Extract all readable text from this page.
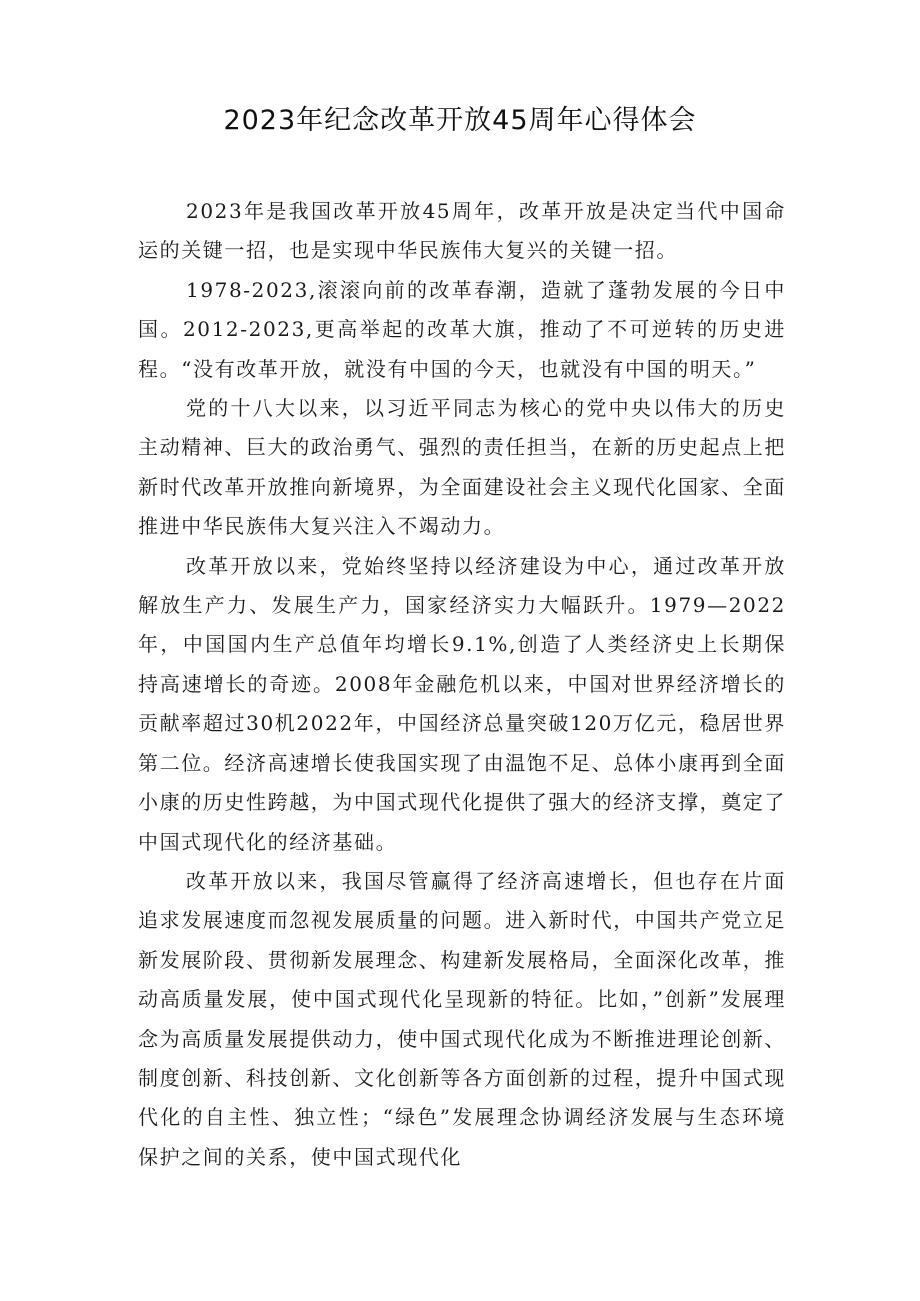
2023年纪念改革开放45周年心得体会

2023年是我国改革开放45周年，改革开放是决定当代中国命运的关键一招，也是实现中华民族伟大复兴的关键一招。

1978-2023,滚滚向前的改革春潮，造就了蓬勃发展的今日中国。2012-2023,更高举起的改革大旗，推动了不可逆转的历史进程。“没有改革开放，就没有中国的今天，也就没有中国的明天。”

党的十八大以来，以习近平同志为核心的党中央以伟大的历史主动精神、巨大的政治勇气、强烈的责任担当，在新的历史起点上把新时代改革开放推向新境界，为全面建设社会主义现代化国家、全面推进中华民族伟大复兴注入不竭动力。

改革开放以来，党始终坚持以经济建设为中心，通过改革开放解放生产力、发展生产力，国家经济实力大幅跃升。1979—2022年，中国国内生产总值年均增长9.1%,创造了人类经济史上长期保持高速增长的奇迹。2008年金融危机以来，中国对世界经济增长的贡献率超过30机2022年，中国经济总量突破120万亿元，稳居世界第二位。经济高速增长使我国实现了由温饱不足、总体小康再到全面小康的历史性跨越，为中国式现代化提供了强大的经济支撑，奠定了中国式现代化的经济基础。

改革开放以来，我国尽管赢得了经济高速增长，但也存在片面追求发展速度而忽视发展质量的问题。进入新时代，中国共产党立足新发展阶段、贯彻新发展理念、构建新发展格局，全面深化改革，推动高质量发展，使中国式现代化呈现新的特征。比如，”创新”发展理念为高质量发展提供动力，使中国式现代化成为不断推进理论创新、制度创新、科技创新、文化创新等各方面创新的过程，提升中国式现代化的自主性、独立性；“绿色”发展理念协调经济发展与生态环境保护之间的关系，使中国式现代化
